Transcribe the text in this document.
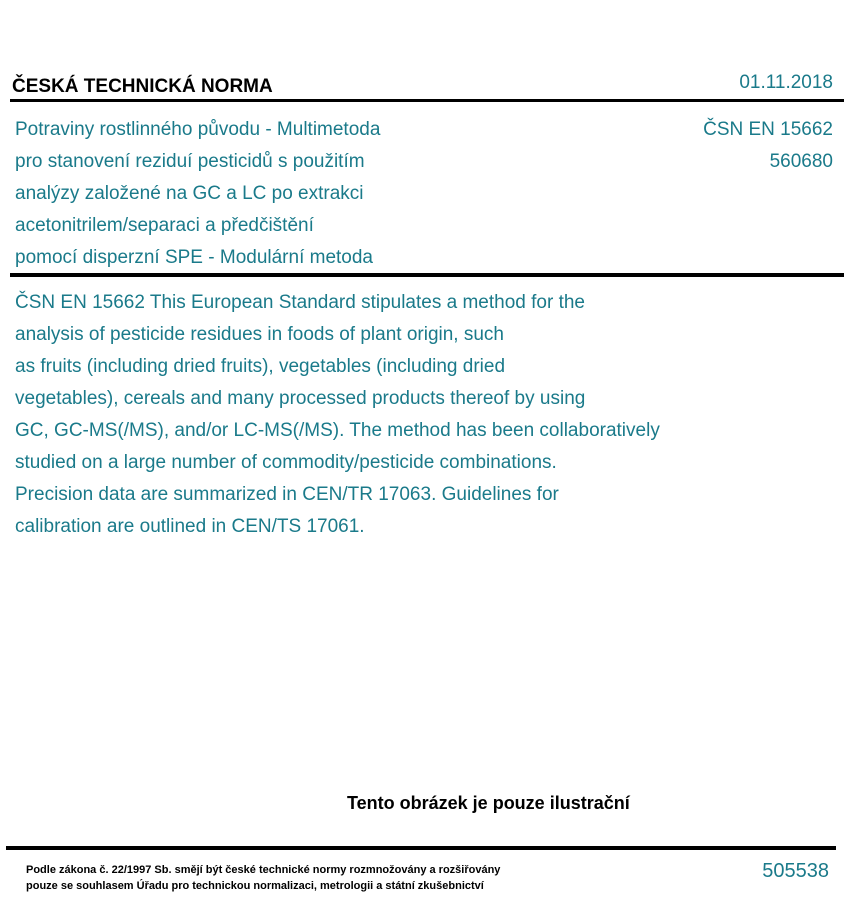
ČESKÁ TECHNICKÁ NORMA	01.11.2018
Potraviny rostlinného původu - Multimetoda
pro stanovení reziduí pesticidů s použitím
analýzy založené na GC a LC po extrakci
acetonitrilem/separaci a předčištění
pomocí disperzní SPE - Modulární metoda
ČSN EN 15662
560680
ČSN EN 15662 This European Standard stipulates a method for the
analysis of pesticide residues in foods of plant origin, such
as fruits (including dried fruits), vegetables (including dried
vegetables), cereals and many processed products thereof by using
GC, GC-MS(/MS), and/or LC-MS(/MS). The method has been collaboratively
studied on a large number of commodity/pesticide combinations.
Precision data are summarized in CEN/TR 17063. Guidelines for
calibration are outlined in CEN/TS 17061.
Tento obrázek je pouze ilustrační
Podle zákona č. 22/1997 Sb. smějí být české technické normy rozmnožovány a rozšiřovány
pouze se souhlasem Úřadu pro technickou normalizaci, metrologii a státní zkušebnictví
505538
